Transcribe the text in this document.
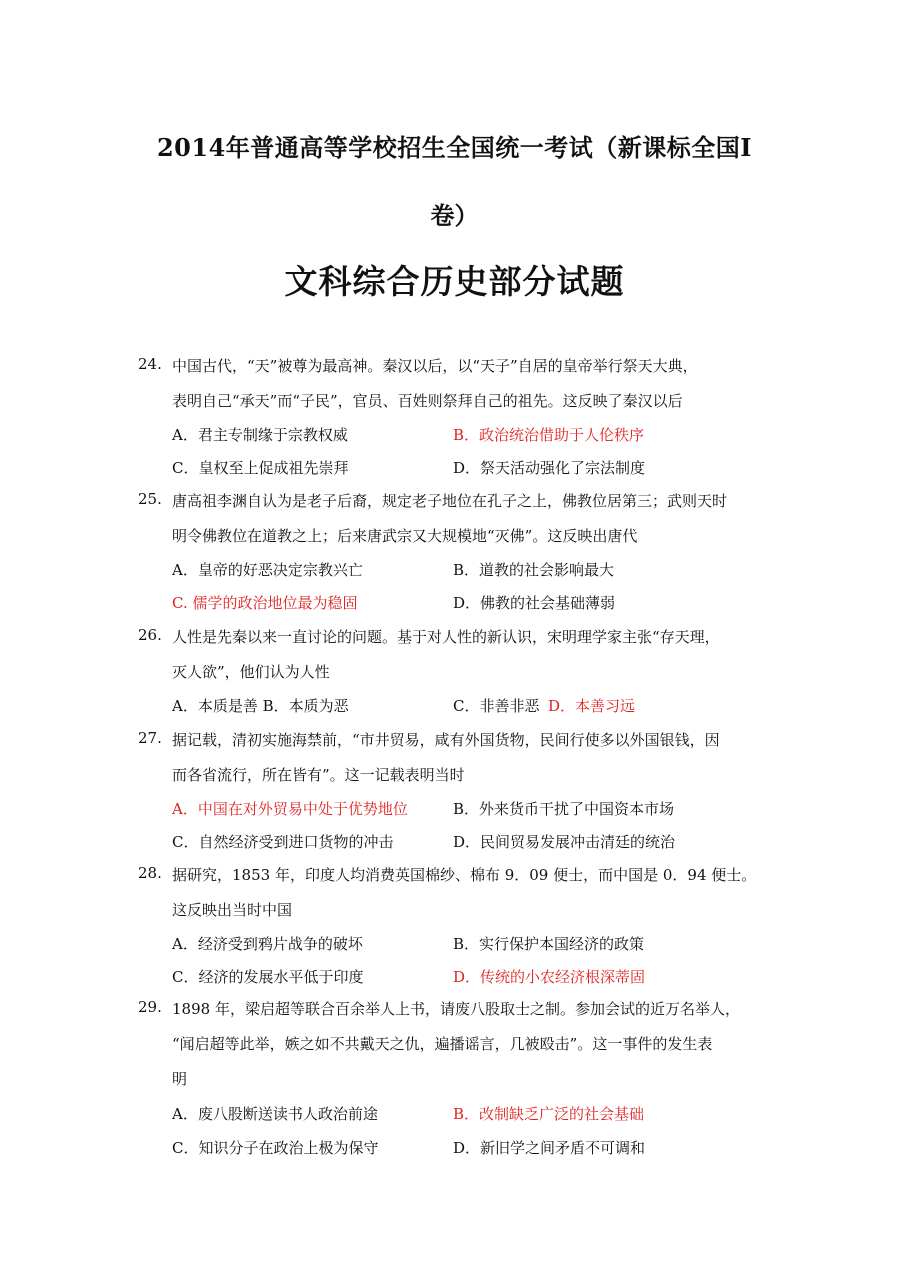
2014年普通高等学校招生全国统一考试（新课标全国Ⅰ
卷）
文科综合历史部分试题
24. 中国古代，“天”被尊为最高神。秦汉以后，以“天子”自居的皇帝举行祭天大典，
表明自己“承天”而“子民”，官员、百姓则祭拜自己的祖先。这反映了秦汉以后
A．君主专制缘于宗教权威	B．政治统治借助于人伦秩序
C．皇权至上促成祖先崇拜	D．祭天活动强化了宗法制度
25. 唐高祖李渊自认为是老子后裔，规定老子地位在孔子之上，佛教位居第三；武则天时
明令佛教位在道教之上；后来唐武宗又大规模地“灭佛”。这反映出唐代
A．皇帝的好恶决定宗教兴亡	B．道教的社会影响最大
C. 儒学的政治地位最为稳固	D．佛教的社会基础薄弱
26. 人性是先秦以来一直讨论的问题。基于对人性的新认识，宋明理学家主张“存天理，
灭人欲”，他们认为人性
A．本质是善 B．本质为恶	C．非善非恶 D．本善习远
27. 据记载，清初实施海禁前，“市井贸易，咸有外国货物，民间行使多以外国银钱，因
而各省流行，所在皆有”。这一记载表明当时
A．中国在对外贸易中处于优势地位	B．外来货币干扰了中国资本市场
C．自然经济受到进口货物的冲击	D．民间贸易发展冲击清廷的统治
28. 据研究，1853 年，印度人均消费英国棉纱、棉布 9．09 便士，而中国是 0．94 便士。
这反映出当时中国
A．经济受到鸦片战争的破坏	B．实行保护本国经济的政策
C．经济的发展水平低于印度	D．传统的小农经济根深蒂固
29. 1898 年，梁启超等联合百余举人上书，请废八股取士之制。参加会试的近万名举人，
“闻启超等此举，嫉之如不共戴天之仇，遍播谣言，几被殴击”。这一事件的发生表
明
A．废八股断送读书人政治前途	B．改制缺乏广泛的社会基础
C．知识分子在政治上极为保守	D．新旧学之间矛盾不可调和
